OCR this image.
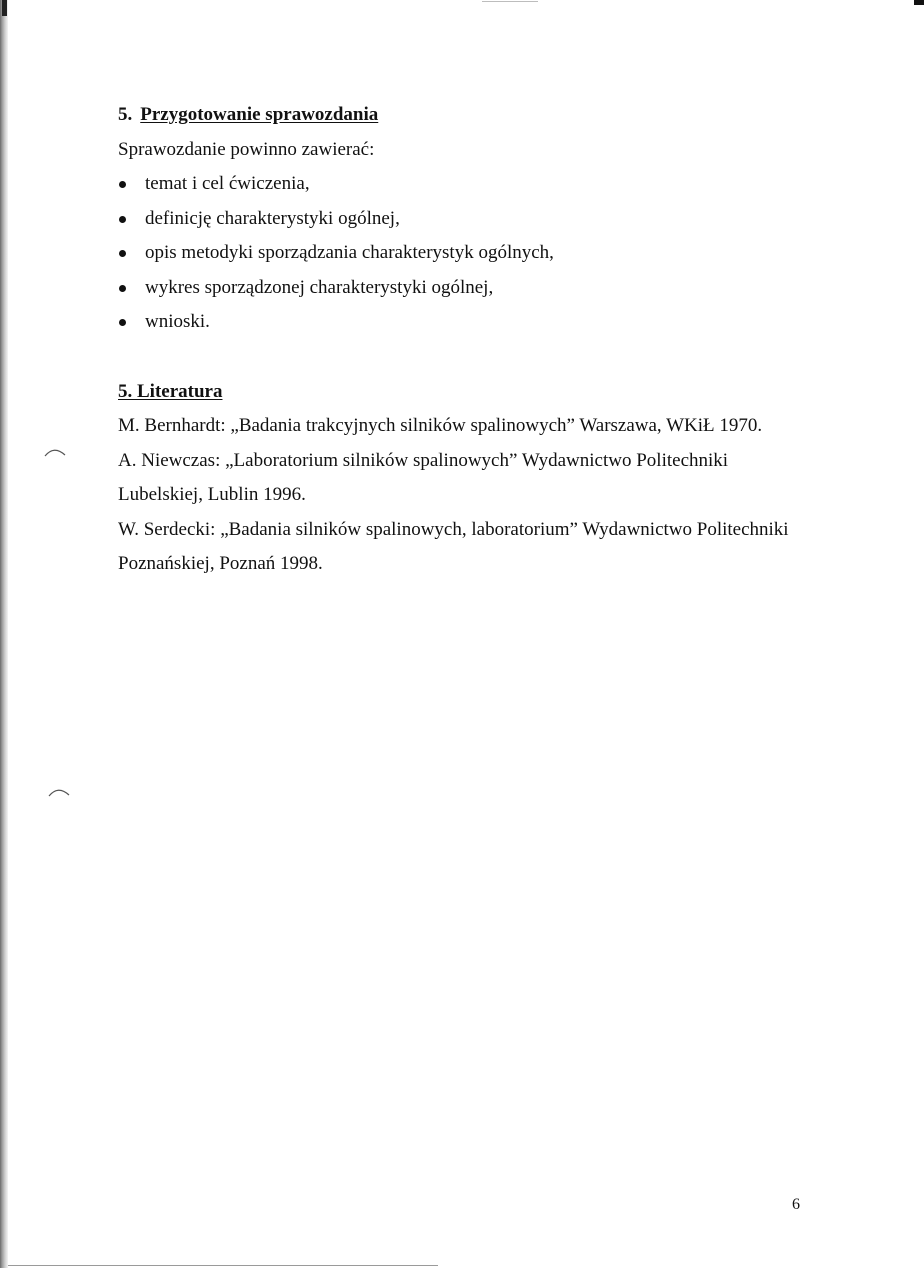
5. Przygotowanie sprawozdania

Sprawozdanie powinno zawierać:

temat i cel ćwiczenia,
definicję charakterystyki ogólnej,
opis metodyki sporządzania charakterystyk ogólnych,
wykres sporządzonej charakterystyki ogólnej,
wnioski.

5. Literatura

M. Bernhardt: „Badania trakcyjnych silników spalinowych” Warszawa, WKiŁ 1970.

A. Niewczas: „Laboratorium silników spalinowych” Wydawnictwo Politechniki Lubelskiej, Lublin 1996.

W. Serdecki: „Badania silników spalinowych, laboratorium” Wydawnictwo Politechniki Poznańskiej, Poznań 1998.

6
